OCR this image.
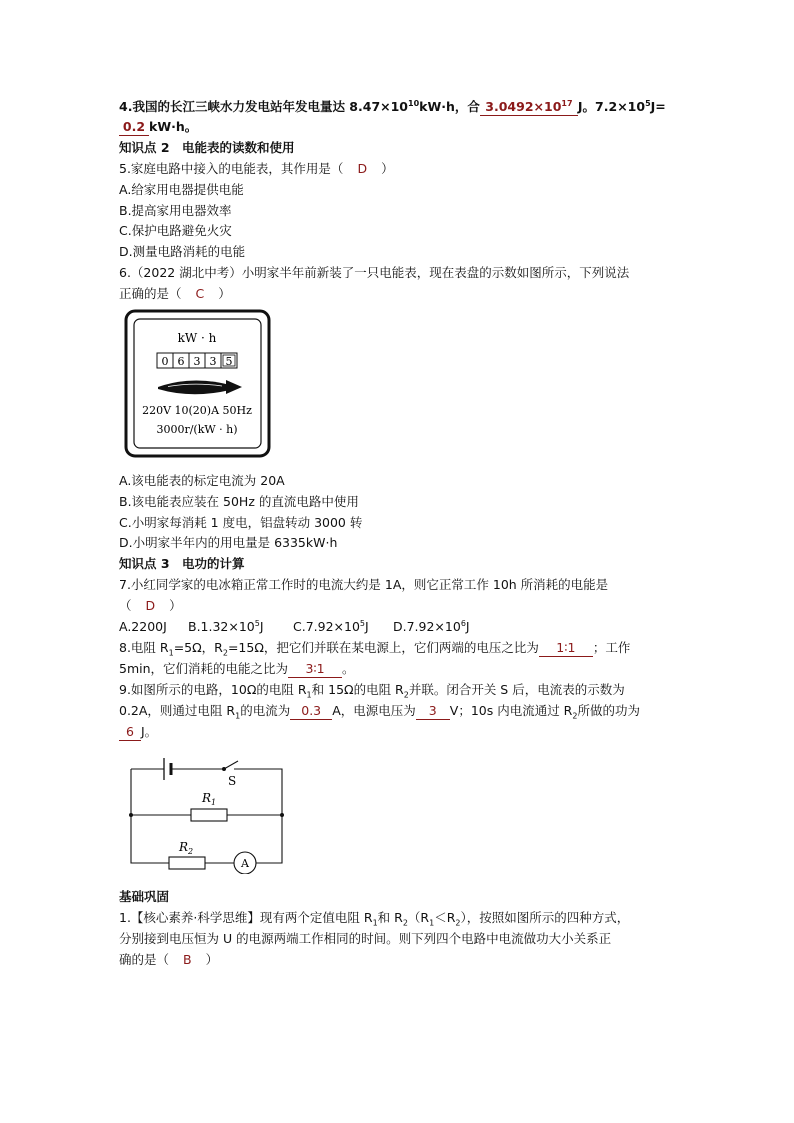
4.我国的长江三峡水力发电站年发电量达 $8.47\times 10^{10}kW\cdot h$，合 $3.0492\times 10^{17}$ J。$7.2\times 10^5J=$
0.2 kW·h。
知识点 2　电能表的读数和使用
5.家庭电路中接入的电能表，其作用是（ D ）
A.给家用电器提供电能
B.提高家用电器效率
C.保护电路避免火灾
D.测量电路消耗的电能
6.（2022 湖北中考）小明家半年前新装了一只电能表，现在表盘的示数如图所示，下列说法
正确的是（ C ）
kW · h
0 6 3 3 5
220V 10(20)A 50Hz
3000r/(kW · h)
A.该电能表的标定电流为 20A
B.该电能表应装在 50Hz 的直流电路中使用
C.小明家每消耗 1 度电，铝盘转动 3000 转
D.小明家半年内的用电量是 6335kW·h
知识点 3　电功的计算
7.小红同学家的电冰箱正常工作时的电流大约是 1A，则它正常工作 10h 所消耗的电能是
（ D ）
A.2200J $B.1.32\times 10^5J$ $C.7.92\times 10^5J$ $D.7.92\times 10^6J$
8.电阻 $R_1=5\Omega$，$R_2=15\Omega$，把它们并联在某电源上，它们两端的电压之比为 1∶1 ；工作
5min，它们消耗的电能之比为 3∶1 。
9.如图所示的电路，10Ω的电阻 $R_1$和 15Ω的电阻 $R_2$并联。闭合开关 S 后，电流表的示数为
0.2A，则通过电阻 $R_1$的电流为 0.3 A，电源电压为 3 V；10s 内电流通过 $R_2$所做的功为
6 J。
S
$R_1$
$R_2$
A
基础巩固
1.【核心素养·科学思维】现有两个定值电阻 $R_1$和 $R_2(R_1<R_2)$，按照如图所示的四种方式，
分别接到电压恒为 U 的电源两端工作相同的时间。则下列四个电路中电流做功大小关系正
确的是（ B ）
